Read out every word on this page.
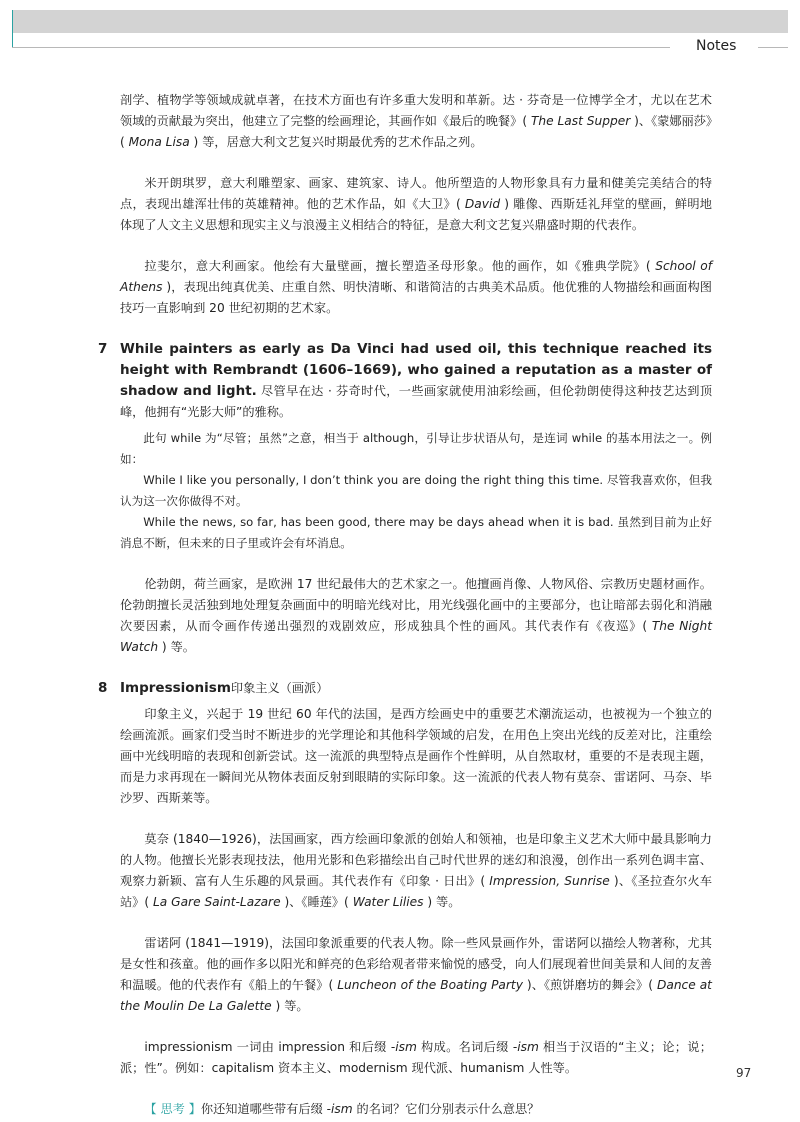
Notes

剖学、植物学等领域成就卓著，在技术方面也有许多重大发明和革新。达 · 芬奇是一位博学全才，尤以在艺术领域的贡献最为突出，他建立了完整的绘画理论，其画作如《最后的晚餐》( The Last Supper )、《蒙娜丽莎》( Mona Lisa ) 等，居意大利文艺复兴时期最优秀的艺术作品之列。

米开朗琪罗，意大利雕塑家、画家、建筑家、诗人。他所塑造的人物形象具有力量和健美完美结合的特点，表现出雄浑壮伟的英雄精神。他的艺术作品，如《大卫》( David ) 雕像、西斯廷礼拜堂的壁画，鲜明地体现了人文主义思想和现实主义与浪漫主义相结合的特征，是意大利文艺复兴鼎盛时期的代表作。

拉斐尔，意大利画家。他绘有大量壁画，擅长塑造圣母形象。他的画作，如《雅典学院》( School of Athens )，表现出纯真优美、庄重自然、明快清晰、和谐简洁的古典美术品质。他优雅的人物描绘和画面构图技巧一直影响到 20 世纪初期的艺术家。

7 While painters as early as Da Vinci had used oil, this technique reached its height with Rembrandt (1606–1669), who gained a reputation as a master of shadow and light. 尽管早在达 · 芬奇时代，一些画家就使用油彩绘画，但伦勃朗使得这种技艺达到顶峰，他拥有“光影大师”的雅称。

此句 while 为“尽管；虽然”之意，相当于 although，引导让步状语从句，是连词 while 的基本用法之一。例如：

While I like you personally, I don’t think you are doing the right thing this time. 尽管我喜欢你，但我认为这一次你做得不对。

While the news, so far, has been good, there may be days ahead when it is bad. 虽然到目前为止好消息不断，但未来的日子里或许会有坏消息。

伦勃朗，荷兰画家，是欧洲 17 世纪最伟大的艺术家之一。他擅画肖像、人物风俗、宗教历史题材画作。伦勃朗擅长灵活独到地处理复杂画面中的明暗光线对比，用光线强化画中的主要部分，也让暗部去弱化和消融次要因素，从而令画作传递出强烈的戏剧效应，形成独具个性的画风。其代表作有《夜巡》( The Night Watch ) 等。

8 Impressionism印象主义（画派）

印象主义，兴起于 19 世纪 60 年代的法国，是西方绘画史中的重要艺术潮流运动，也被视为一个独立的绘画流派。画家们受当时不断进步的光学理论和其他科学领域的启发，在用色上突出光线的反差对比，注重绘画中光线明暗的表现和创新尝试。这一流派的典型特点是画作个性鲜明，从自然取材，重要的不是表现主题，而是力求再现在一瞬间光从物体表面反射到眼睛的实际印象。这一流派的代表人物有莫奈、雷诺阿、马奈、毕沙罗、西斯莱等。

莫奈 (1840—1926)，法国画家，西方绘画印象派的创始人和领袖，也是印象主义艺术大师中最具影响力的人物。他擅长光影表现技法，他用光影和色彩描绘出自己时代世界的迷幻和浪漫，创作出一系列色调丰富、观察力新颖、富有人生乐趣的风景画。其代表作有《印象 · 日出》( Impression, Sunrise )、《圣拉查尔火车站》( La Gare Saint-Lazare )、《睡莲》( Water Lilies ) 等。

雷诺阿 (1841—1919)，法国印象派重要的代表人物。除一些风景画作外，雷诺阿以描绘人物著称，尤其是女性和孩童。他的画作多以阳光和鲜亮的色彩给观者带来愉悦的感受，向人们展现着世间美景和人间的友善和温暖。他的代表作有《船上的午餐》( Luncheon of the Boating Party )、《煎饼磨坊的舞会》( Dance at the Moulin De La Galette ) 等。

impressionism 一词由 impression 和后缀 -ism 构成。名词后缀 -ism 相当于汉语的“主义；论；说；派；性”。例如：capitalism 资本主义、modernism 现代派、humanism 人性等。

【 思考 】你还知道哪些带有后缀 -ism 的名词？它们分别表示什么意思？

97
